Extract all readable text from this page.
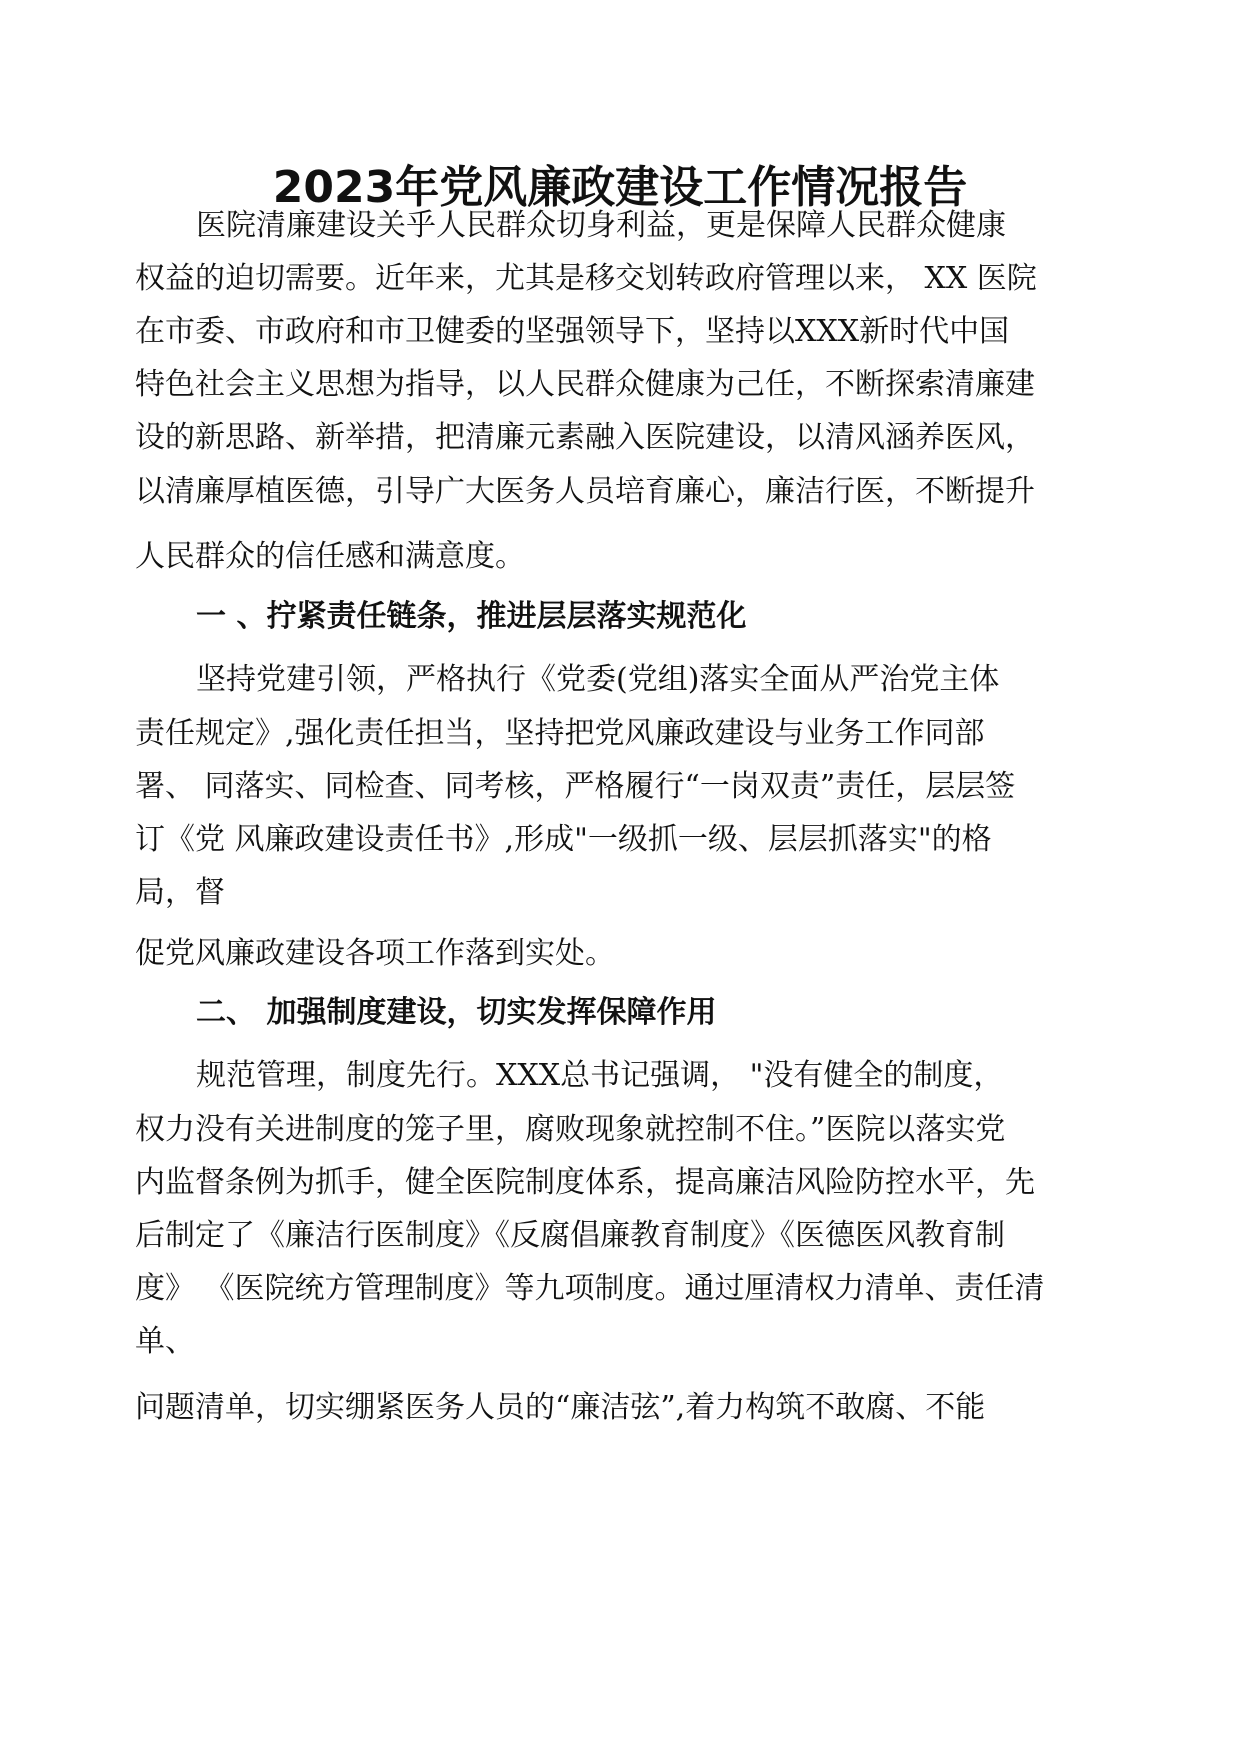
2023年党风廉政建设工作情况报告

医院清廉建设关乎人民群众切身利益，更是保障人民群众健康

权益的迫切需要。近年来，尤其是移交划转政府管理以来， XX 医院

在市委、市政府和市卫健委的坚强领导下，坚持以XXX新时代中国

特色社会主义思想为指导，以人民群众健康为己任，不断探索清廉建

设的新思路、新举措，把清廉元素融入医院建设，以清风涵养医风，

以清廉厚植医德，引导广大医务人员培育廉心，廉洁行医，不断提升

人民群众的信任感和满意度。

一 、拧紧责任链条，推进层层落实规范化

坚持党建引领，严格执行《党委(党组)落实全面从严治党主体

责任规定》,强化责任担当，坚持把党风廉政建设与业务工作同部

署、 同落实、同检查、同考核，严格履行“一岗双责”责任，层层签

订《党 风廉政建设责任书》,形成"一级抓一级、层层抓落实"的格

局，督

促党风廉政建设各项工作落到实处。

二、 加强制度建设，切实发挥保障作用

规范管理，制度先行。XXX总书记强调， "没有健全的制度，

权力没有关进制度的笼子里，腐败现象就控制不住。”医院以落实党

内监督条例为抓手，健全医院制度体系，提高廉洁风险防控水平，先

后制定了《廉洁行医制度》《反腐倡廉教育制度》《医德医风教育制

度》 《医院统方管理制度》等九项制度。通过厘清权力清单、责任清

单、

问题清单，切实绷紧医务人员的“廉洁弦”,着力构筑不敢腐、不能
